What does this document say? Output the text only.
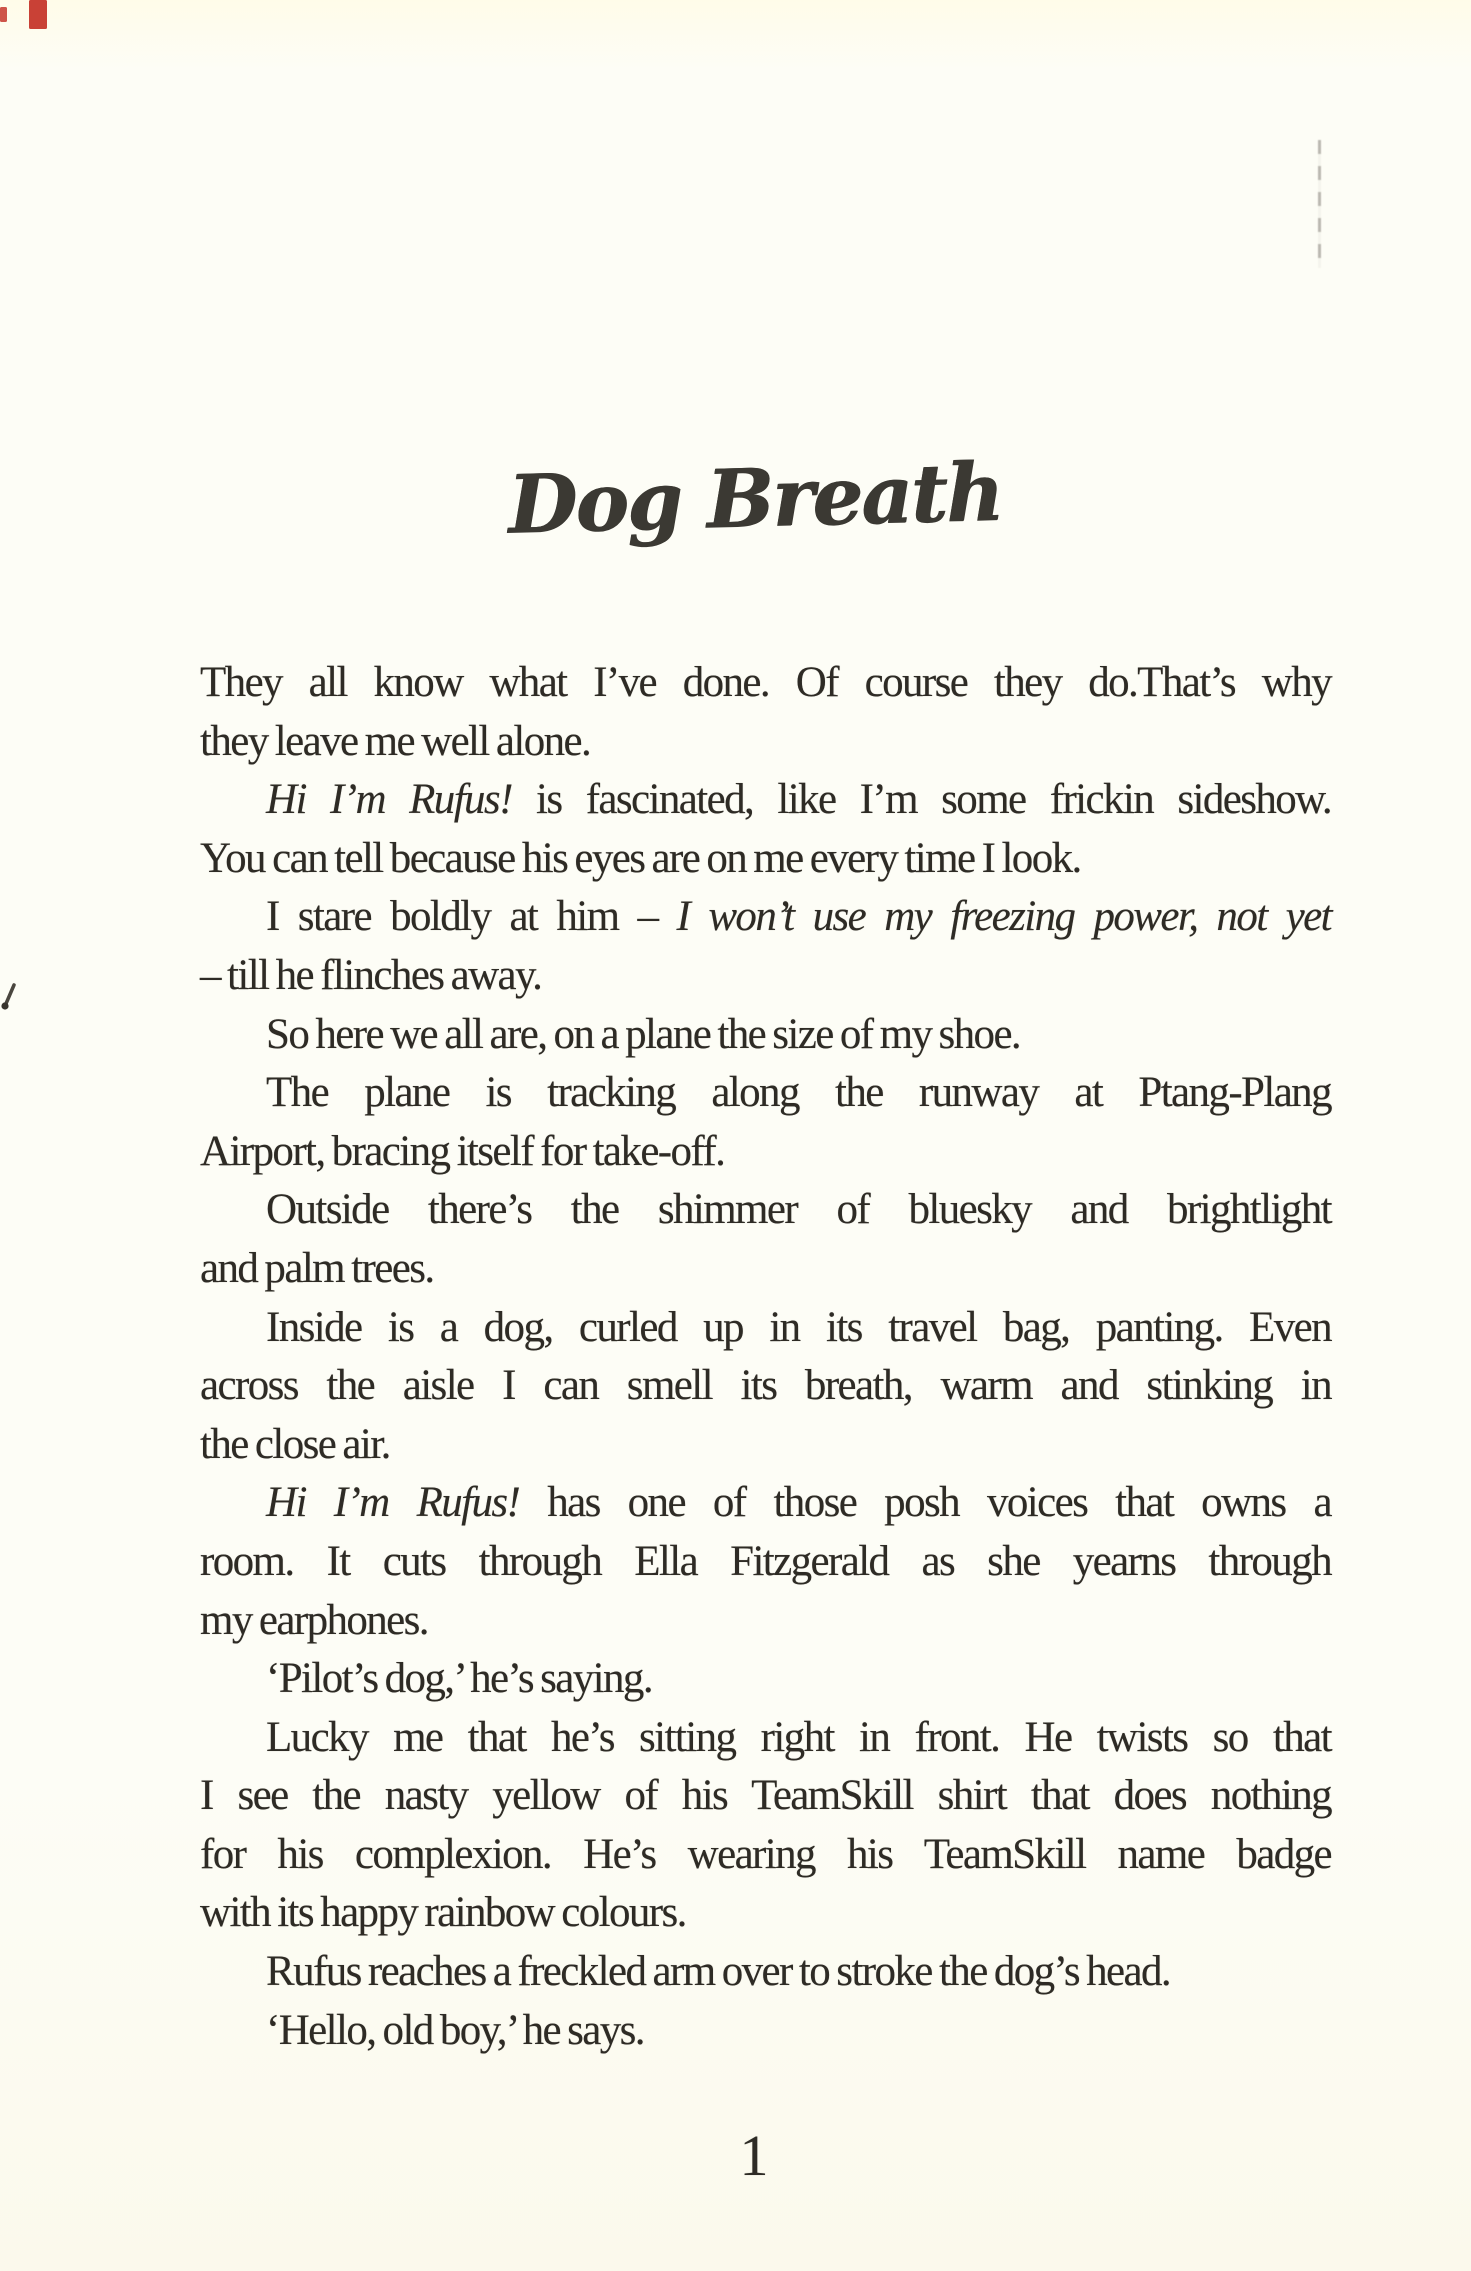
Dog Breath
They all know what I’ve done. Of course they do.That’s why
they leave me well alone.
Hi I’m Rufus! is fascinated, like I’m some frickin sideshow.
You can tell because his eyes are on me every time I look.
I stare boldly at him – I won’t use my freezing power, not yet
– till he flinches away.
So here we all are, on a plane the size of my shoe.
The plane is tracking along the runway at Ptang-Plang
Airport, bracing itself for take-off.
Outside there’s the shimmer of bluesky and brightlight
and palm trees.
Inside is a dog, curled up in its travel bag, panting. Even
across the aisle I can smell its breath, warm and stinking in
the close air.
Hi I’m Rufus! has one of those posh voices that owns a
room. It cuts through Ella Fitzgerald as she yearns through
my earphones.
‘Pilot’s dog,’ he’s saying.
Lucky me that he’s sitting right in front. He twists so that
I see the nasty yellow of his TeamSkill shirt that does nothing
for his complexion. He’s wearing his TeamSkill name badge
with its happy rainbow colours.
Rufus reaches a freckled arm over to stroke the dog’s head.
‘Hello, old boy,’ he says.
1
